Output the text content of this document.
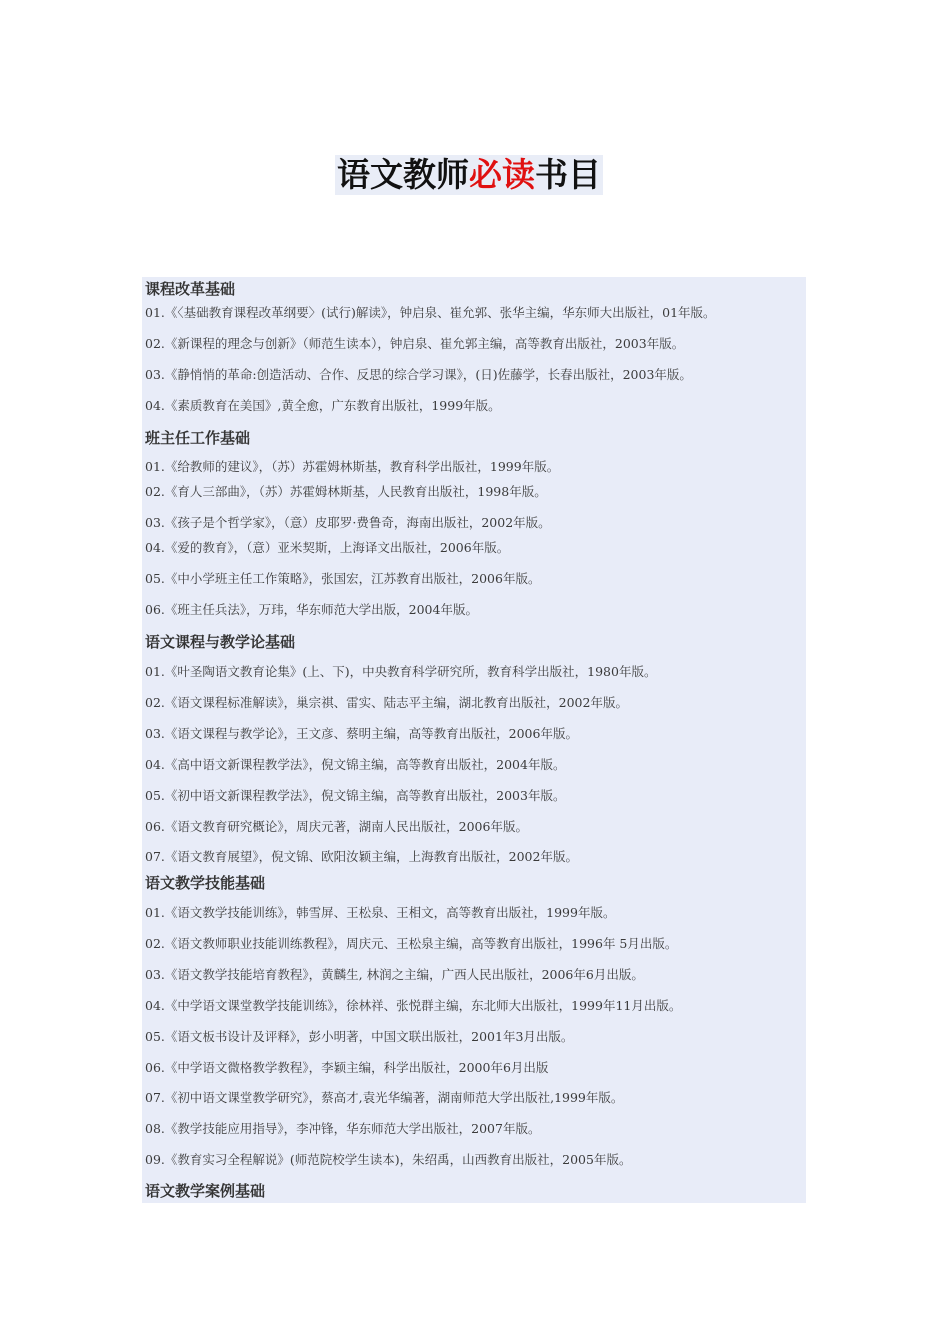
语文教师必读书目
课程改革基础
01.《〈基础教育课程改革纲要〉(试行)解读》，钟启泉、崔允郭、张华主编，华东师大出版社，01年版。
02.《新课程的理念与创新》（师范生读本），钟启泉、崔允郭主编，高等教育出版社，2003年版。
03.《静悄悄的革命:创造活动、合作、反思的综合学习课》，(日)佐藤学，长春出版社，2003年版。
04.《素质教育在美国》,黄全愈，广东教育出版社，1999年版。
班主任工作基础
01.《给教师的建议》，（苏）苏霍姆林斯基，教育科学出版社，1999年版。
02.《育人三部曲》，（苏）苏霍姆林斯基，人民教育出版社，1998年版。
03.《孩子是个哲学家》，（意）皮耶罗·费鲁奇，海南出版社，2002年版。
04.《爱的教育》，（意）亚米契斯，上海译文出版社，2006年版。
05.《中小学班主任工作策略》，张国宏，江苏教育出版社，2006年版。
06.《班主任兵法》，万玮，华东师范大学出版，2004年版。
语文课程与教学论基础
01.《叶圣陶语文教育论集》(上、下)，中央教育科学研究所，教育科学出版社，1980年版。
02.《语文课程标准解读》，巢宗祺、雷实、陆志平主编，湖北教育出版社，2002年版。
03.《语文课程与教学论》，王文彦、蔡明主编，高等教育出版社，2006年版。
04.《高中语文新课程教学法》，倪文锦主编，高等教育出版社，2004年版。
05.《初中语文新课程教学法》，倪文锦主编，高等教育出版社，2003年版。
06.《语文教育研究概论》，周庆元著，湖南人民出版社，2006年版。
07.《语文教育展望》，倪文锦、欧阳汝颖主编，上海教育出版社，2002年版。
语文教学技能基础
01.《语文教学技能训练》，韩雪屏、王松泉、王相文，高等教育出版社，1999年版。
02.《语文教师职业技能训练教程》，周庆元、王松泉主编，高等教育出版社，1996年 5月出版。
03.《语文教学技能培育教程》，黄麟生, 林润之主编，广西人民出版社，2006年6月出版。
04.《中学语文课堂教学技能训练》，徐林祥、张悦群主编，东北师大出版社，1999年11月出版。
05.《语文板书设计及评释》，彭小明著，中国文联出版社，2001年3月出版。
06.《中学语文微格教学教程》，李颖主编，科学出版社，2000年6月出版
07.《初中语文课堂教学研究》，蔡高才,袁光华编著，湖南师范大学出版社,1999年版。
08.《教学技能应用指导》，李冲锋，华东师范大学出版社，2007年版。
09.《教育实习全程解说》(师范院校学生读本)，朱绍禹，山西教育出版社，2005年版。
语文教学案例基础
